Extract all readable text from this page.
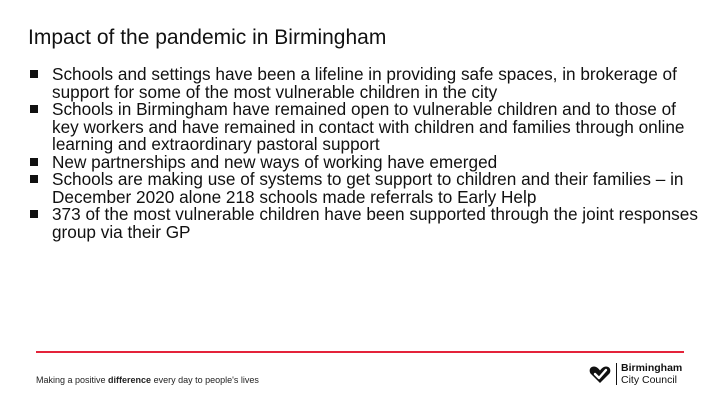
Impact of the pandemic in Birmingham
Schools and settings have been a lifeline in providing safe spaces, in brokerage of support for some of the most vulnerable children in the city
Schools in Birmingham have remained open to vulnerable children and to those of key workers and have remained in contact with children and families through online learning and extraordinary pastoral support
New partnerships and new ways of working have emerged
Schools are making use of systems to get support to children and their families – in December 2020 alone 218 schools made referrals to Early Help
373 of the most vulnerable children have been supported through the joint responses group via their GP
Making a positive difference every day to people's lives
Birmingham
City Council
